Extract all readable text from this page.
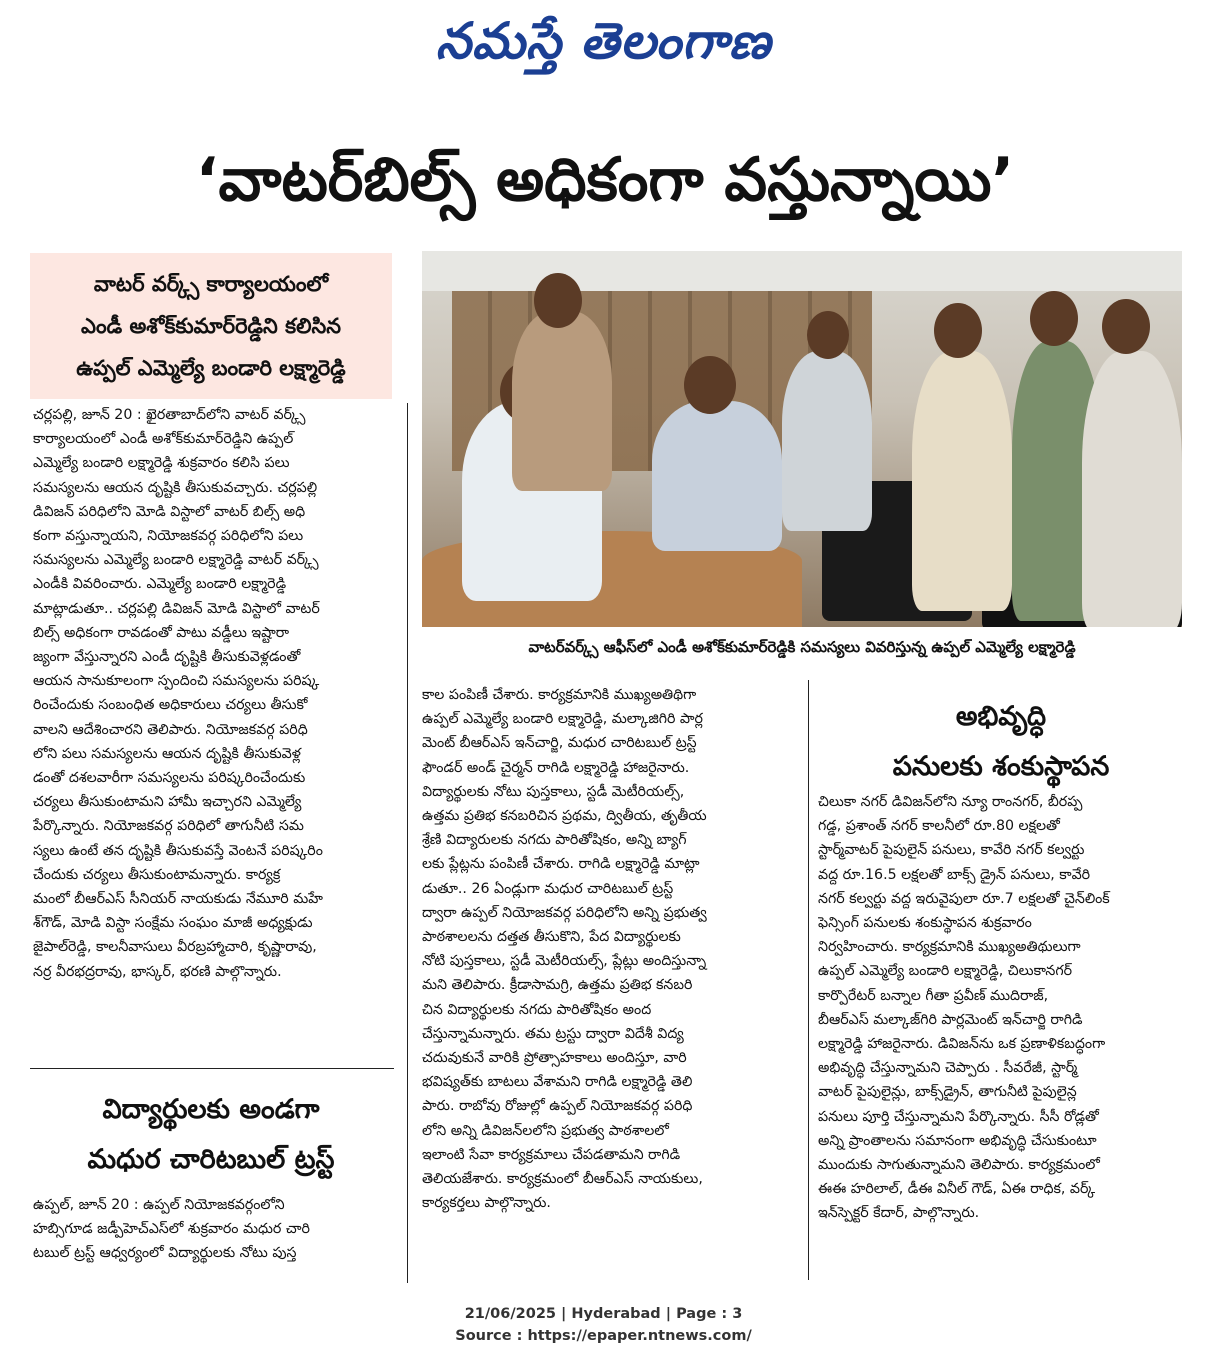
నమస్తే తెలంగాణ
‘వాటర్‌బిల్స్ అధికంగా వస్తున్నాయి’
వాటర్ వర్క్స్ కార్యాలయంలో
ఎండీ అశోక్‌కుమార్‌రెడ్డిని కలిసిన
ఉప్పల్ ఎమ్మెల్యే బండారి లక్ష్మారెడ్డి
వాటర్‌వర్క్స్ ఆఫీస్‌లో ఎండీ అశోక్‌కుమార్‌రెడ్డికి సమస్యలు వివరిస్తున్న ఉప్పల్ ఎమ్మెల్యే లక్ష్మారెడ్డి

చర్లపల్లి, జూన్ 20 : ఖైరతాబాద్‌లోని వాటర్ వర్క్స్

కార్యాలయంలో ఎండీ అశోక్‌కుమార్‌రెడ్డిని ఉప్పల్

ఎమ్మెల్యే బండారి లక్ష్మారెడ్డి శుక్రవారం కలిసి పలు

సమస్యలను ఆయన దృష్టికి తీసుకువచ్చారు. చర్లపల్లి

డివిజన్ పరిధిలోని మోడి విస్టాలో వాటర్ బిల్స్ అధి

కంగా వస్తున్నాయని, నియోజకవర్గ పరిధిలోని పలు

సమస్యలను ఎమ్మెల్యే బండారి లక్ష్మారెడ్డి వాటర్ వర్క్స్

ఎండీకి వివరించారు. ఎమ్మెల్యే బండారి లక్ష్మారెడ్డి

మాట్లాడుతూ.. చర్లపల్లి డివిజన్ మోడి విస్టాలో వాటర్

బిల్స్ అధికంగా రావడంతో పాటు వడ్డీలు ఇష్టారా

జ్యంగా వేస్తున్నారని ఎండీ దృష్టికి తీసుకువెళ్లడంతో

ఆయన సానుకూలంగా స్పందించి సమస్యలను పరిష్క

రించేందుకు సంబంధిత అధికారులు చర్యలు తీసుకో

వాలని ఆదేశించారని తెలిపారు. నియోజకవర్గ పరిధి

లోని పలు సమస్యలను ఆయన దృష్టికి తీసుకువెళ్ల

డంతో దశలవారీగా సమస్యలను పరిష్కరించేందుకు

చర్యలు తీసుకుంటామని హామీ ఇచ్చారని ఎమ్మెల్యే

పేర్కొన్నారు. నియోజకవర్గ పరిధిలో తాగునీటి సమ

స్యలు ఉంటే తన దృష్టికి తీసుకువస్తే వెంటనే పరిష్కరిం

చేందుకు చర్యలు తీసుకుంటామన్నారు. కార్యక్ర

మంలో బీఆర్‌ఎస్ సీనియర్ నాయకుడు నేమూరి మహే

శ్‌గౌడ్, మోడి విస్టా సంక్షేమ సంఘం మాజీ అధ్యక్షుడు

జైపాల్‌రెడ్డి, కాలనీవాసులు వీరబ్రహ్మాచారి, కృష్ణారావు,

నర్ర వీరభద్రరావు, భాస్కర్, భరణి పాల్గొన్నారు.

విద్యార్థులకు అండగా
మధుర చారిటబుల్ ట్రస్ట్

ఉప్పల్, జూన్ 20 : ఉప్పల్ నియోజకవర్గంలోని

హబ్సిగూడ జడ్పీహెచ్‌ఎస్‌లో శుక్రవారం మధుర చారి

టబుల్ ట్రస్ట్ ఆధ్వర్యంలో విద్యార్థులకు నోటు పుస్త

కాల పంపిణీ చేశారు. కార్యక్రమానికి ముఖ్యఅతిథిగా

ఉప్పల్ ఎమ్మెల్యే బండారి లక్ష్మారెడ్డి, మల్కాజిగిరి పార్ల

మెంట్ బీఆర్‌ఎస్ ఇన్‌చార్జి, మధుర చారిటబుల్ ట్రస్ట్

ఫౌండర్ అండ్ చైర్మన్ రాగిడి లక్ష్మారెడ్డి హాజరైనారు.

విద్యార్థులకు నోటు పుస్తకాలు, స్టడీ మెటీరియల్స్,

ఉత్తమ ప్రతిభ కనబరిచిన ప్రథమ, ద్వితీయ, తృతీయ

శ్రేణి విద్యారులకు నగదు పారితోషికం, అన్ని బ్యాగ్

లకు ప్లేట్లను పంపిణీ చేశారు. రాగిడి లక్ష్మారెడ్డి మాట్లా

డుతూ.. 26 ఏండ్లుగా మధుర చారిటబుల్ ట్రస్ట్

ద్వారా ఉప్పల్ నియోజకవర్గ పరిధిలోని అన్ని ప్రభుత్వ

పాఠశాలలను దత్తత తీసుకొని, పేద విద్యార్థులకు

నోటి పుస్తకాలు, స్టడీ మెటీరియల్స్, ప్లేట్లు అందిస్తున్నా

మని తెలిపారు. క్రీడాసామగ్రి, ఉత్తమ ప్రతిభ కనబరి

చిన విద్యార్థులకు నగదు పారితోషికం అంద

చేస్తున్నామన్నారు. తమ ట్రస్టు ద్వారా విదేశీ విద్య

చదువుకునే వారికి ప్రోత్సాహకాలు అందిస్తూ, వారి

భవిష్యత్‌కు బాటలు వేశామని రాగిడి లక్ష్మారెడ్డి తెలి

పారు. రాబోవు రోజుల్లో ఉప్పల్ నియోజకవర్గ పరిధి

లోని అన్ని డివిజన్‌లలోని ప్రభుత్వ పాఠశాలలో

ఇలాంటి సేవా కార్యక్రమాలు చేపడతామని రాగిడి

తెలియజేశారు. కార్యక్రమంలో బీఆర్‌ఎస్ నాయకులు,

కార్యకర్తలు పాల్గొన్నారు.

అభివృద్ధి
పనులకు శంకుస్థాపన

చిలుకా నగర్ డివిజన్‌లోని న్యూ రాంనగర్, బీరప్ప

గడ్డ, ప్రశాంత్ నగర్ కాలనీలో రూ.80 లక్షలతో

స్టార్మ్‌వాటర్ పైపులైన్ పనులు, కావేరి నగర్ కల్వర్టు

వద్ద రూ.16.5 లక్షలతో బాక్స్ డ్రైన్ పనులు, కావేరి

నగర్ కల్వర్టు వద్ద ఇరువైపులా రూ.7 లక్షలతో చైన్‌లింక్

ఫెన్సింగ్ పనులకు శంకుస్థాపన శుక్రవారం

నిర్వహించారు. కార్యక్రమానికి ముఖ్యఅతిథులుగా

ఉప్పల్ ఎమ్మెల్యే బండారి లక్ష్మారెడ్డి, చిలుకానగర్

కార్పొరేటర్ బన్నాల గీతా ప్రవీణ్ ముదిరాజ్,

బీఆర్‌ఎస్ మల్కాజ్‌గిరి పార్లమెంట్ ఇన్‌చార్జి రాగిడి

లక్ష్మారెడ్డి హాజరైనారు. డివిజన్‌ను ఒక ప్రణాళికబద్ధంగా

అభివృద్ధి చేస్తున్నామని చెప్పారు . సీవరేజీ, స్టార్మ్

వాటర్ పైపులైన్లు, బాక్స్‌డ్రైన్, తాగునీటి పైపులైన్ల

పనులు పూర్తి చేస్తున్నామని పేర్కొన్నారు. సీసీ రోడ్లతో

అన్ని ప్రాంతాలను సమానంగా అభివృద్ధి చేసుకుంటూ

ముందుకు సాగుతున్నామని తెలిపారు. కార్యక్రమంలో

ఈఈ హరిలాల్, డీఈ వినీల్ గౌడ్, ఏఈ రాధిక, వర్క్

ఇన్‌స్పెక్టర్ కేదార్, పాల్గొన్నారు.

21/06/2025 | Hyderabad | Page : 3
Source : https://epaper.ntnews.com/
